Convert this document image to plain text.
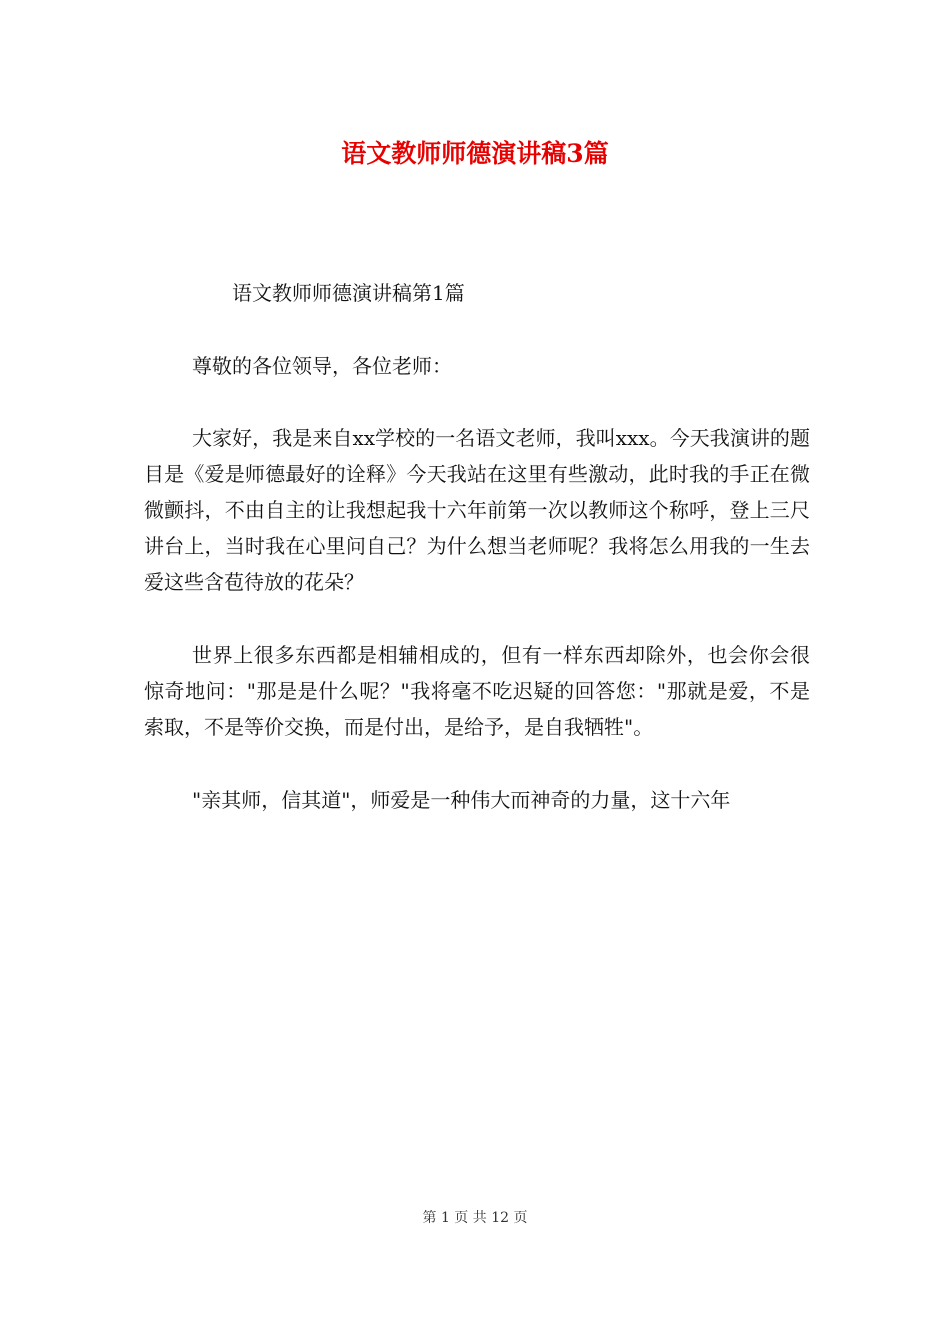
语文教师师德演讲稿3篇

语文教师师德演讲稿第1篇

尊敬的各位领导，各位老师：

大家好，我是来自xx学校的一名语文老师，我叫xxx。今天我演讲的题目是《爱是师德最好的诠释》今天我站在这里有些激动，此时我的手正在微微颤抖，不由自主的让我想起我十六年前第一次以教师这个称呼，登上三尺讲台上，当时我在心里问自己？为什么想当老师呢？我将怎么用我的一生去爱这些含苞待放的花朵？

世界上很多东西都是相辅相成的，但有一样东西却除外，也会你会很惊奇地问："那是是什么呢？"我将毫不吃迟疑的回答您："那就是爱，不是索取，不是等价交换，而是付出，是给予，是自我牺牲"。

"亲其师，信其道"，师爱是一种伟大而神奇的力量，这十六年

第 1 页 共 12 页
